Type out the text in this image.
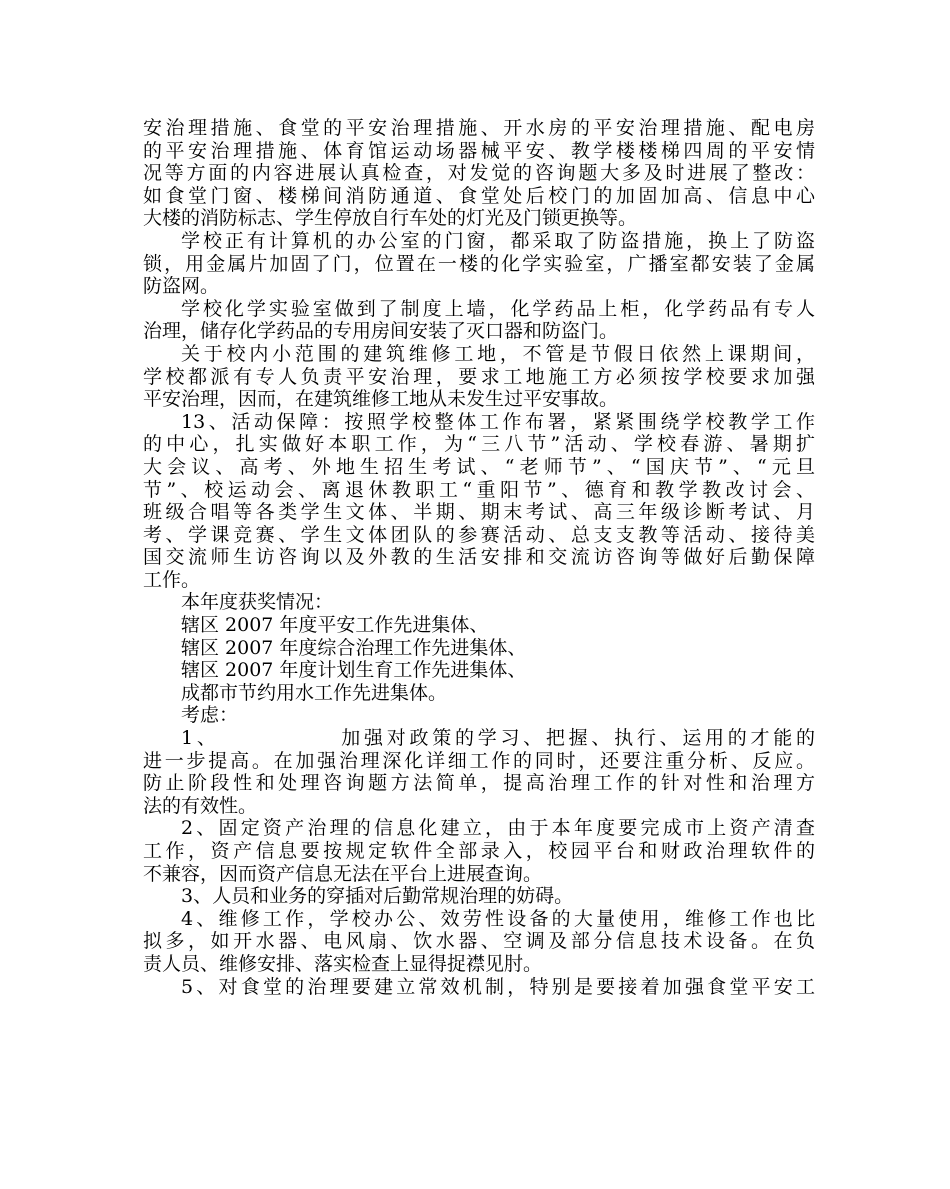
安治理措施、食堂的平安治理措施、开水房的平安治理措施、配电房
的平安治理措施、体育馆运动场器械平安、教学楼楼梯四周的平安情
况等方面的内容进展认真检查，对发觉的咨询题大多及时进展了整改：
如食堂门窗、楼梯间消防通道、食堂处后校门的加固加高、信息中心
大楼的消防标志、学生停放自行车处的灯光及门锁更换等。
学校正有计算机的办公室的门窗，都采取了防盗措施，换上了防盗
锁，用金属片加固了门，位置在一楼的化学实验室，广播室都安装了金属
防盗网。
学校化学实验室做到了制度上墙，化学药品上柜，化学药品有专人
治理，储存化学药品的专用房间安装了灭口器和防盗门。
关于校内小范围的建筑维修工地，不管是节假日依然上课期间，
学校都派有专人负责平安治理，要求工地施工方必须按学校要求加强
平安治理，因而，在建筑维修工地从未发生过平安事故。
13、活动保障：按照学校整体工作布署，紧紧围绕学校教学工作
的中心，扎实做好本职工作，为“三八节”活动、学校春游、暑期扩
大会议、高考、外地生招生考试、“老师节”、“国庆节”、“元旦
节”、校运动会、离退休教职工“重阳节”、德育和教学教改讨会、
班级合唱等各类学生文体、半期、期末考试、高三年级诊断考试、月
考、学课竞赛、学生文体团队的参赛活动、总支支教等活动、接待美
国交流师生访咨询以及外教的生活安排和交流访咨询等做好后勤保障
工作。
本年度获奖情况：
辖区 2007 年度平安工作先进集体、
辖区 2007 年度综合治理工作先进集体、
辖区 2007 年度计划生育工作先进集体、
成都市节约用水工作先进集体。
考虑：
1、	加强对政策的学习、把握、执行、运用的才能的
进一步提高。在加强治理深化详细工作的同时，还要注重分析、反应。
防止阶段性和处理咨询题方法简单，提高治理工作的针对性和治理方
法的有效性。
2、固定资产治理的信息化建立，由于本年度要完成市上资产清查
工作，资产信息要按规定软件全部录入，校园平台和财政治理软件的
不兼容，因而资产信息无法在平台上进展查询。
3、人员和业务的穿插对后勤常规治理的妨碍。
4、维修工作，学校办公、效劳性设备的大量使用，维修工作也比
拟多，如开水器、电风扇、饮水器、空调及部分信息技术设备。在负
责人员、维修安排、落实检查上显得捉襟见肘。
5、对食堂的治理要建立常效机制，特别是要接着加强食堂平安工
